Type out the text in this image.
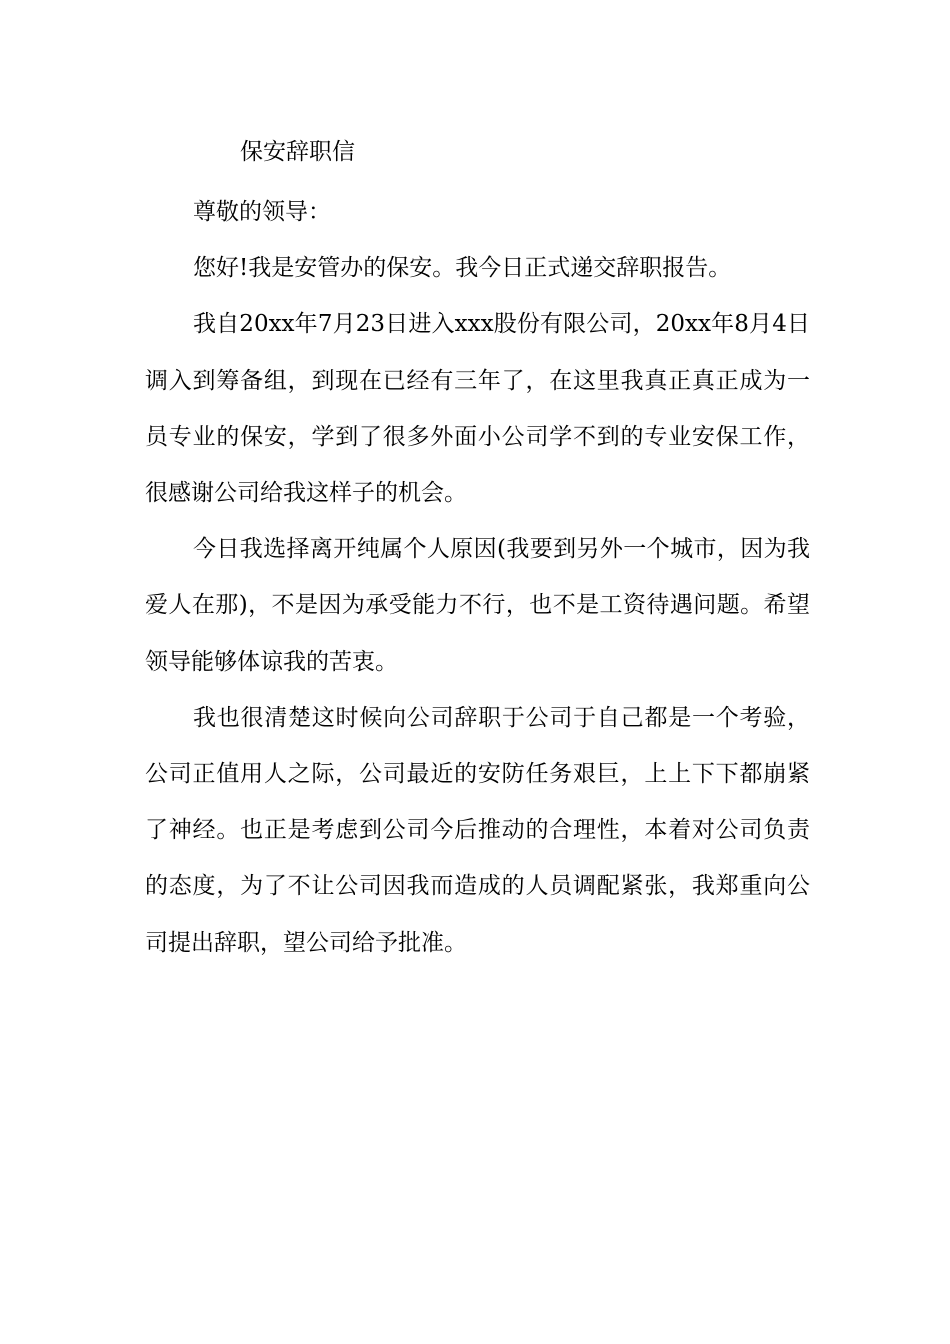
保安辞职信

尊敬的领导：

您好!我是安管办的保安。我今日正式递交辞职报告。

我自20xx年7月23日进入xxx股份有限公司，20xx年8月4日调入到筹备组，到现在已经有三年了，在这里我真正真正成为一员专业的保安，学到了很多外面小公司学不到的专业安保工作，很感谢公司给我这样子的机会。

今日我选择离开纯属个人原因(我要到另外一个城市，因为我爱人在那)，不是因为承受能力不行，也不是工资待遇问题。希望领导能够体谅我的苦衷。

我也很清楚这时候向公司辞职于公司于自己都是一个考验，公司正值用人之际，公司最近的安防任务艰巨，上上下下都崩紧了神经。也正是考虑到公司今后推动的合理性，本着对公司负责的态度，为了不让公司因我而造成的人员调配紧张，我郑重向公司提出辞职，望公司给予批准。
